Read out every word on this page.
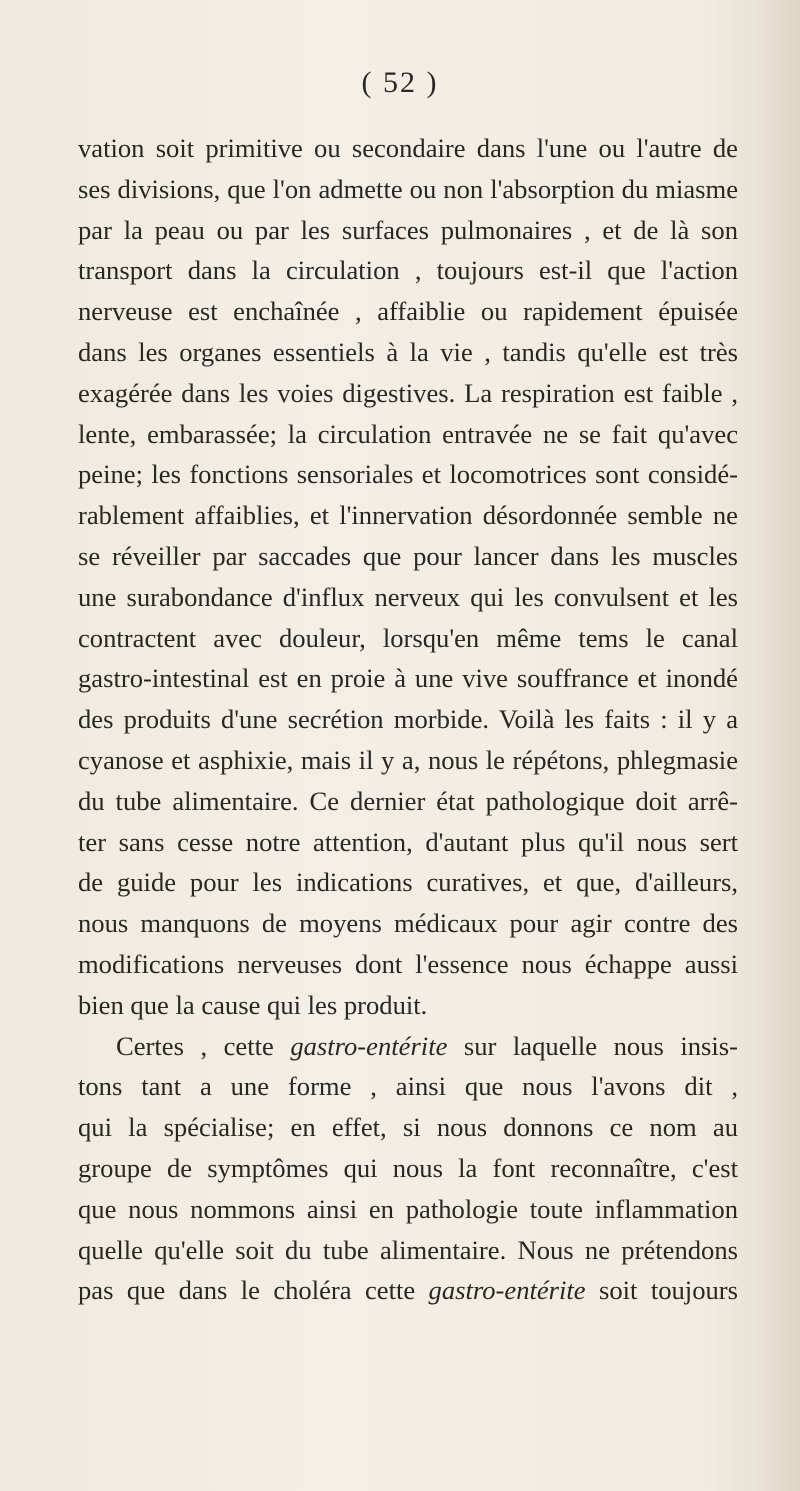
( 52 )
vation soit primitive ou secondaire dans l'une ou l'autre de
ses divisions, que l'on admette ou non l'absorption du miasme
par la peau ou par les surfaces pulmonaires , et de là son
transport dans la circulation , toujours est-il que l'action
nerveuse est enchaînée , affaiblie ou rapidement épuisée
dans les organes essentiels à la vie , tandis qu'elle est très
exagérée dans les voies digestives. La respiration est faible ,
lente, embarassée; la circulation entravée ne se fait qu'avec
peine; les fonctions sensoriales et locomotrices sont considé-
rablement affaiblies, et l'innervation désordonnée semble ne
se réveiller par saccades que pour lancer dans les muscles
une surabondance d'influx nerveux qui les convulsent et les
contractent avec douleur, lorsqu'en même tems le canal
gastro-intestinal est en proie à une vive souffrance et inondé
des produits d'une secrétion morbide. Voilà les faits : il y a
cyanose et asphixie, mais il y a, nous le répétons, phlegmasie
du tube alimentaire. Ce dernier état pathologique doit arrê-
ter sans cesse notre attention, d'autant plus qu'il nous sert
de guide pour les indications curatives, et que, d'ailleurs,
nous manquons de moyens médicaux pour agir contre des
modifications nerveuses dont l'essence nous échappe aussi
bien que la cause qui les produit.
Certes , cette gastro-entérite sur laquelle nous insis-
tons tant a une forme , ainsi que nous l'avons dit ,
qui la spécialise; en effet, si nous donnons ce nom au
groupe de symptômes qui nous la font reconnaître, c'est
que nous nommons ainsi en pathologie toute inflammation
quelle qu'elle soit du tube alimentaire. Nous ne prétendons
pas que dans le choléra cette gastro-entérite soit toujours
